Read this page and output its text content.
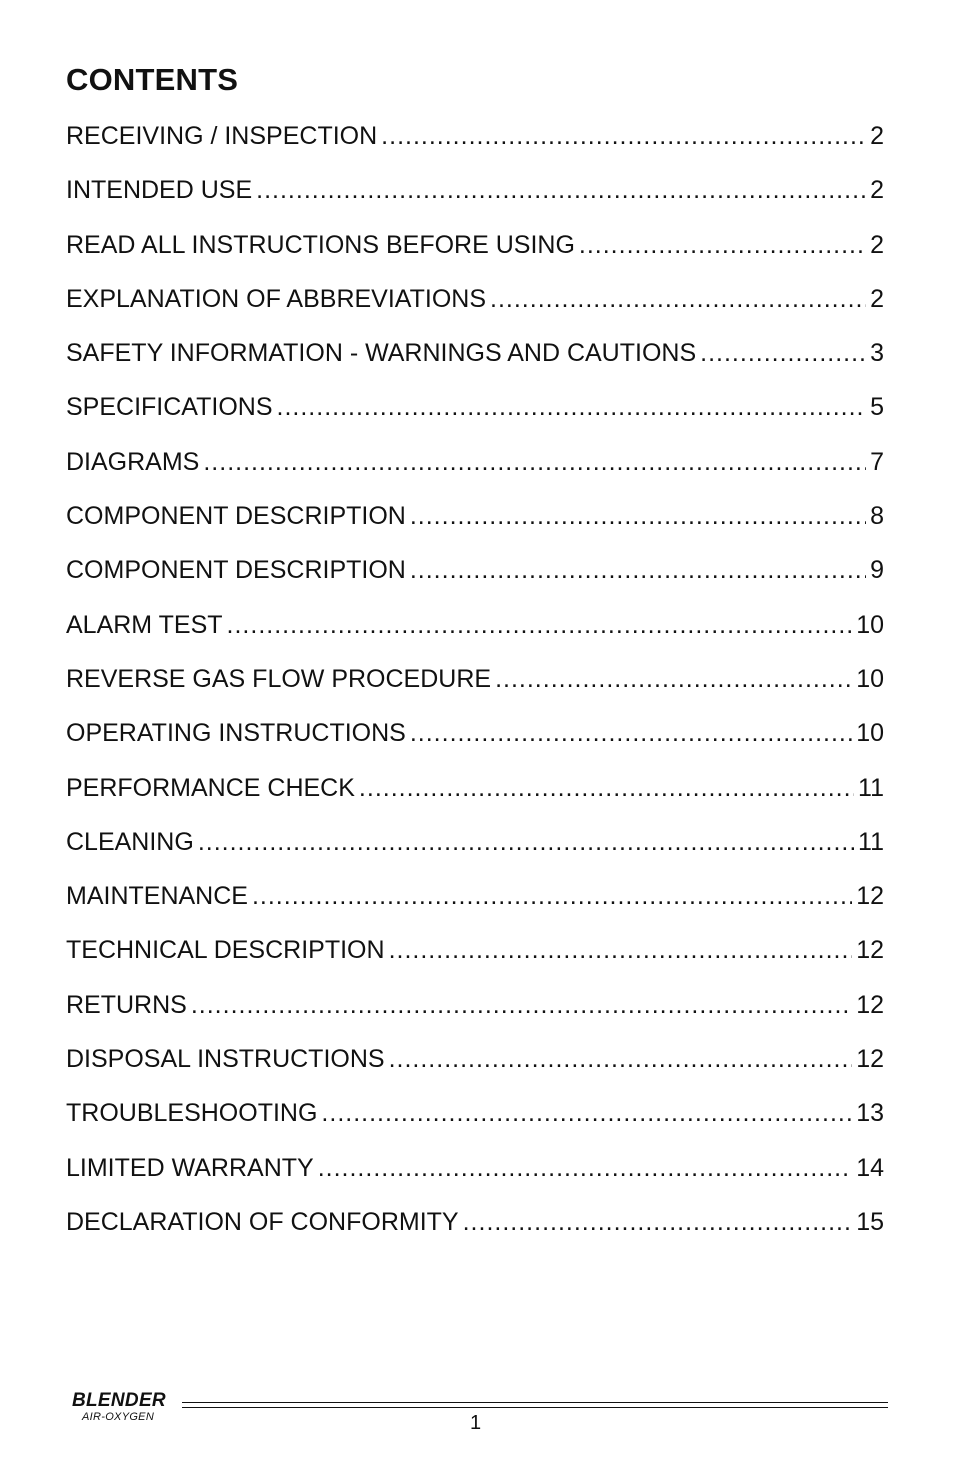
CONTENTS
RECEIVING / INSPECTION .....	2
INTENDED USE .....	2
READ ALL INSTRUCTIONS BEFORE USING .....	2
EXPLANATION OF ABBREVIATIONS .....	2
SAFETY INFORMATION - WARNINGS AND CAUTIONS .....	3
SPECIFICATIONS .....	5
DIAGRAMS .....	7
COMPONENT DESCRIPTION .....	8
COMPONENT DESCRIPTION .....	9
ALARM TEST .....	10
REVERSE GAS FLOW PROCEDURE .....	10
OPERATING INSTRUCTIONS .....	10
PERFORMANCE CHECK .....	11
CLEANING .....	11
MAINTENANCE .....	12
TECHNICAL DESCRIPTION .....	12
RETURNS .....	12
DISPOSAL INSTRUCTIONS .....	12
TROUBLESHOOTING .....	13
LIMITED WARRANTY .....	14
DECLARATION OF CONFORMITY .....	15
BLENDER
AIR-OXYGEN	1
